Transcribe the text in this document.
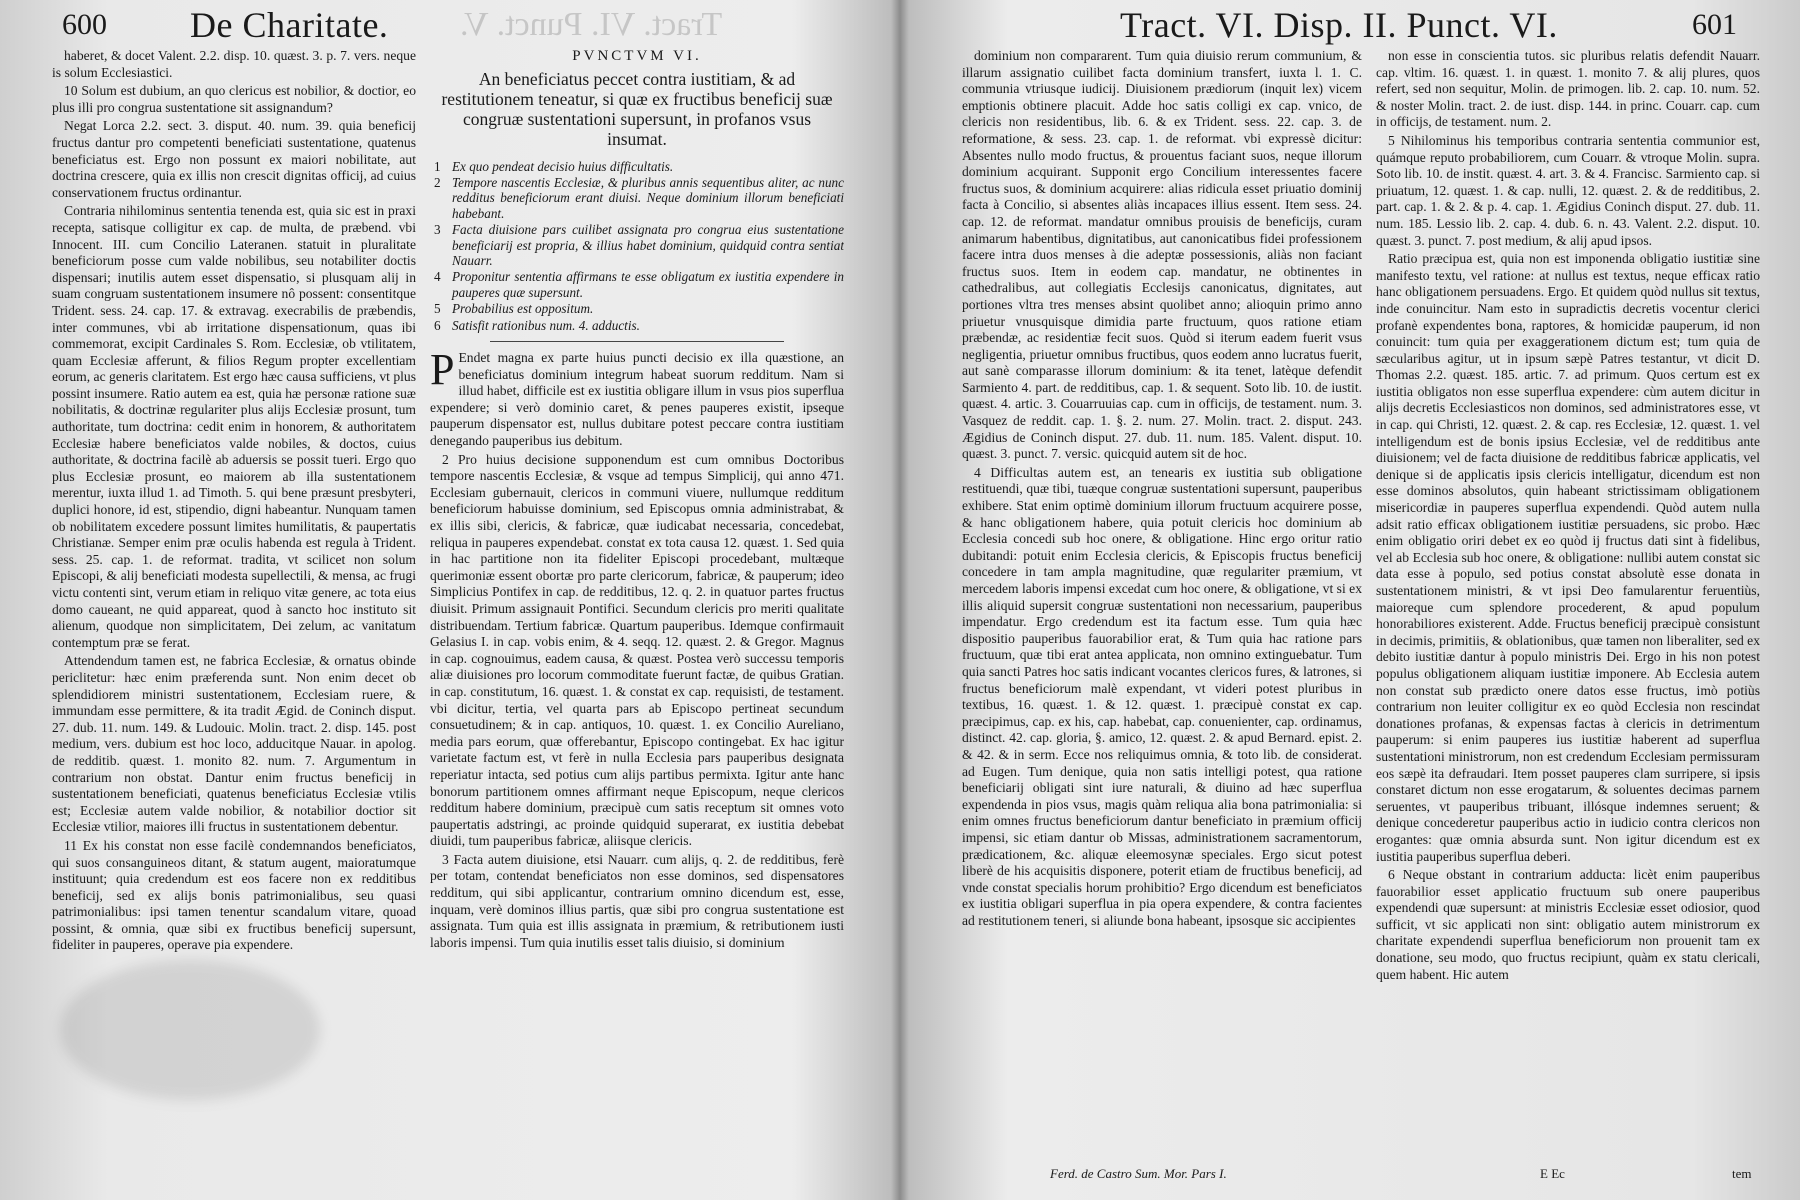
600 De Charitate. Tract. VI. Punct. V.

haberet, & docet Valent. 2.2. disp. 10. quæst. 3. p. 7. vers. neque is solum Ecclesiastici.

10 Solum est dubium, an quo clericus est nobilior, & doctior, eo plus illi pro congrua sustentatione sit assignandum?

Negat Lorca 2.2. sect. 3. disput. 40. num. 39. quia beneficij fructus dantur pro competenti beneficiati sustentatione, quatenus beneficiatus est. Ergo non possunt ex maiori nobilitate, aut doctrina crescere, quia ex illis non crescit dignitas officij, ad cuius conservationem fructus ordinantur.

Contraria nihilominus sententia tenenda est, quia sic est in praxi recepta, satisque colligitur ex cap. de multa, de præbend. vbi Innocent. III. cum Concilio Lateranen. statuit in pluralitate beneficiorum posse cum valde nobilibus, seu notabiliter doctis dispensari; inutilis autem esset dispensatio, si plusquam alij in suam congruam sustentationem insumere nô possent: consentitque Trident. sess. 24. cap. 17. & extravag. execrabilis de præbendis, inter communes, vbi ab irritatione dispensationum, quas ibi commemorat, excipit Cardinales S. Rom. Ecclesiæ, ob vtilitatem, quam Ecclesiæ afferunt, & filios Regum propter excellentiam eorum, ac generis claritatem. Est ergo hæc causa sufficiens, vt plus possint insumere. Ratio autem ea est, quia hæ personæ ratione suæ nobilitatis, & doctrinæ regulariter plus alijs Ecclesiæ prosunt, tum authoritate, tum doctrina: cedit enim in honorem, & authoritatem Ecclesiæ habere beneficiatos valde nobiles, & doctos, cuius authoritate, & doctrina facilè ab aduersis se possit tueri. Ergo quo plus Ecclesiæ prosunt, eo maiorem ab illa sustentationem merentur, iuxta illud 1. ad Timoth. 5. qui bene præsunt presbyteri, duplici honore, id est, stipendio, digni habeantur. Nunquam tamen ob nobilitatem excedere possunt limites humilitatis, & paupertatis Christianæ. Semper enim præ oculis habenda est regula à Trident. sess. 25. cap. 1. de reformat. tradita, vt scilicet non solum Episcopi, & alij beneficiati modesta supellectili, & mensa, ac frugi victu contenti sint, verum etiam in reliquo vitæ genere, ac tota eius domo caueant, ne quid appareat, quod à sancto hoc instituto sit alienum, quodque non simplicitatem, Dei zelum, ac vanitatum contemptum præ se ferat.

Attendendum tamen est, ne fabrica Ecclesiæ, & ornatus obinde periclitetur: hæc enim præferenda sunt. Non enim decet ob splendidiorem ministri sustentationem, Ecclesiam ruere, & immundam esse permittere, & ita tradit Ægid. de Coninch disput. 27. dub. 11. num. 149. & Ludouic. Molin. tract. 2. disp. 145. post medium, vers. dubium est hoc loco, adducitque Nauar. in apolog. de redditib. quæst. 1. monito 82. num. 7. Argumentum in contrarium non obstat. Dantur enim fructus beneficij in sustentationem beneficiati, quatenus beneficiatus Ecclesiæ vtilis est; Ecclesiæ autem valde nobilior, & notabilior doctior sit Ecclesiæ vtilior, maiores illi fructus in sustentationem debentur.

11 Ex his constat non esse facilè condemnandos beneficiatos, qui suos consanguineos ditant, & statum augent, maioratumque instituunt; quia credendum est eos facere non ex redditibus beneficij, sed ex alijs bonis patrimonialibus, seu quasi patrimonialibus: ipsi tamen tenentur scandalum vitare, quoad possint, & omnia, quæ sibi ex fructibus beneficij supersunt, fideliter in pauperes, operave pia expendere.

PVNCTVM VI.
An beneficiatus peccet contra iustitiam, & ad restitutionem teneatur, si quæ ex fructibus beneficij suæ congruæ sustentationi supersunt, in profanos vsus insumat.
1 Ex quo pendeat decisio huius difficultatis.
2 Tempore nascentis Ecclesiæ, & pluribus annis sequentibus aliter, ac nunc redditus beneficiorum erant diuisi. Neque dominium illorum beneficiati habebant.
3 Facta diuisione pars cuilibet assignata pro congrua eius sustentatione beneficiarij est propria, & illius habet dominium, quidquid contra sentiat Nauarr.
4 Proponitur sententia affirmans te esse obligatum ex iustitia expendere in pauperes quæ supersunt.
5 Probabilius est oppositum.
6 Satisfit rationibus num. 4. adductis.

P Endet magna ex parte huius puncti decisio ex illa quæstione, an beneficiatus dominium integrum habeat suorum redditum. Nam si illud habet, difficile est ex iustitia obligare illum in vsus pios superflua expendere; si verò dominio caret, & penes pauperes existit, ipseque pauperum dispensator est, nullus dubitare potest peccare contra iustitiam denegando pauperibus ius debitum.

2 Pro huius decisione supponendum est cum omnibus Doctoribus tempore nascentis Ecclesiæ, & vsque ad tempus Simplicij, qui anno 471. Ecclesiam gubernauit, clericos in communi viuere, nullumque redditum beneficiorum habuisse dominium, sed Episcopus omnia administrabat, & ex illis sibi, clericis, & fabricæ, quæ iudicabat necessaria, concedebat, reliqua in pauperes expendebat. constat ex tota causa 12. quæst. 1. Sed quia in hac partitione non ita fideliter Episcopi procedebant, multæque querimoniæ essent obortæ pro parte clericorum, fabricæ, & pauperum; ideo Simplicius Pontifex in cap. de redditibus, 12. q. 2. in quatuor partes fructus diuisit. Primum assignauit Pontifici. Secundum clericis pro meriti qualitate distribuendam. Tertium fabricæ. Quartum pauperibus. Idemque confirmauit Gelasius I. in cap. vobis enim, & 4. seqq. 12. quæst. 2. & Gregor. Magnus in cap. cognouimus, eadem causa, & quæst. Postea verò successu temporis aliæ diuisiones pro locorum commoditate fuerunt factæ, de quibus Gratian. in cap. constitutum, 16. quæst. 1. & constat ex cap. requisisti, de testament. vbi dicitur, tertia, vel quarta pars ab Episcopo pertineat secundum consuetudinem; & in cap. antiquos, 10. quæst. 1. ex Concilio Aureliano, media pars eorum, quæ offerebantur, Episcopo contingebat. Ex hac igitur varietate factum est, vt ferè in nulla Ecclesia pars pauperibus designata reperiatur intacta, sed potius cum alijs partibus permixta. Igitur ante hanc bonorum partitionem omnes affirmant neque Episcopum, neque clericos redditum habere dominium, præcipuè cum satis receptum sit omnes voto paupertatis adstringi, ac proinde quidquid superarat, ex iustitia debebat diuidi, tum pauperibus fabricæ, aliisque clericis.

3 Facta autem diuisione, etsi Nauarr. cum alijs, q. 2. de redditibus, ferè per totam, contendat beneficiatos non esse dominos, sed dispensatores redditum, qui sibi applicantur, contrarium omnino dicendum est, esse, inquam, verè dominos illius partis, quæ sibi pro congrua sustentatione est assignata. Tum quia est illis assignata in præmium, & retributionem iusti laboris impensi. Tum quia inutilis esset talis diuisio, si dominium

Tract. VI. Disp. II. Punct. VI.	601

dominium non compararent. Tum quia diuisio rerum communium, & illarum assignatio cuilibet facta dominium transfert, iuxta l. 1. C. communia vtriusque iudicij. Diuisionem prædiorum (inquit lex) vicem emptionis obtinere placuit. Adde hoc satis colligi ex cap. vnico, de clericis non residentibus, lib. 6. & ex Trident. sess. 22. cap. 3. de reformatione, & sess. 23. cap. 1. de reformat. vbi expressè dicitur: Absentes nullo modo fructus, & prouentus faciant suos, neque illorum dominium acquirant. Supponit ergo Concilium interessentes facere fructus suos, & dominium acquirere: alias ridicula esset priuatio dominij facta à Concilio, si absentes aliàs incapaces illius essent. Item sess. 24. cap. 12. de reformat. mandatur omnibus prouisis de beneficijs, curam animarum habentibus, dignitatibus, aut canonicatibus fidei professionem facere intra duos menses à die adeptæ possessionis, aliàs non faciant fructus suos. Item in eodem cap. mandatur, ne obtinentes in cathedralibus, aut collegiatis Ecclesijs canonicatus, dignitates, aut portiones vltra tres menses absint quolibet anno; alioquin primo anno priuetur vnusquisque dimidia parte fructuum, quos ratione etiam præbendæ, ac residentiæ fecit suos. Quòd si iterum eadem fuerit vsus negligentia, priuetur omnibus fructibus, quos eodem anno lucratus fuerit, aut sanè comparasse illorum dominium: & ita tenet, latèque defendit Sarmiento 4. part. de redditibus, cap. 1. & sequent. Soto lib. 10. de iustit. quæst. 4. artic. 3. Couarruuias cap. cum in officijs, de testament. num. 3. Vasquez de reddit. cap. 1. §. 2. num. 27. Molin. tract. 2. disput. 243. Ægidius de Coninch disput. 27. dub. 11. num. 185. Valent. disput. 10. quæst. 3. punct. 7. versic. quicquid autem sit de hoc.

4 Difficultas autem est, an tenearis ex iustitia sub obligatione restituendi, quæ tibi, tuæque congruæ sustentationi supersunt, pauperibus exhibere. Stat enim optimè dominium illorum fructuum acquirere posse, & hanc obligationem habere, quia potuit clericis hoc dominium ab Ecclesia concedi sub hoc onere, & obligatione. Hinc ergo oritur ratio dubitandi: potuit enim Ecclesia clericis, & Episcopis fructus beneficij concedere in tam ampla magnitudine, quæ regulariter præmium, vt mercedem laboris impensi excedat cum hoc onere, & obligatione, vt si ex illis aliquid supersit congruæ sustentationi non necessarium, pauperibus impendatur. Ergo credendum est ita factum esse. Tum quia hæc dispositio pauperibus fauorabilior erat, & Tum quia hac ratione pars fructuum, quæ tibi erat antea applicata, non omnino extinguebatur. Tum quia sancti Patres hoc satis indicant vocantes clericos fures, & latrones, si fructus beneficiorum malè expendant, vt videri potest pluribus in textibus, 16. quæst. 1. & 12. quæst. 1. præcipuè constat ex cap. præcipimus, cap. ex his, cap. habebat, cap. conuenienter, cap. ordinamus, distinct. 42. cap. gloria, §. amico, 12. quæst. 2. & apud Bernard. epist. 2. & 42. & in serm. Ecce nos reliquimus omnia, & toto lib. de considerat. ad Eugen. Tum denique, quia non satis intelligi potest, qua ratione beneficiarij obligati sint iure naturali, & diuino ad hæc superflua expendenda in pios vsus, magis quàm reliqua alia bona patrimonialia: si enim omnes fructus beneficiorum dantur beneficiato in præmium officij impensi, sic etiam dantur ob Missas, administrationem sacramentorum, prædicationem, &c. aliquæ eleemosynæ speciales. Ergo sicut potest liberè de his acquisitis disponere, poterit etiam de fructibus beneficij, ad vnde constat specialis horum prohibitio? Ergo dicendum est beneficiatos ex iustitia obligari superflua in pia opera expendere, & contra facientes ad restitutionem teneri, si aliunde bona habeant, ipsosque sic accipientes

Ferd. de Castro Sum. Mor. Pars I.

non esse in conscientia tutos. sic pluribus relatis defendit Nauarr. cap. vltim. 16. quæst. 1. in quæst. 1. monito 7. & alij plures, quos refert, sed non sequitur, Molin. de primogen. lib. 2. cap. 10. num. 52. & noster Molin. tract. 2. de iust. disp. 144. in princ. Couarr. cap. cum in officijs, de testament. num. 2.

5 Nihilominus his temporibus contraria sententia communior est, quámque reputo probabiliorem, cum Couarr. & vtroque Molin. supra. Soto lib. 10. de instit. quæst. 4. art. 3. & 4. Francisc. Sarmiento cap. si priuatum, 12. quæst. 1. & cap. nulli, 12. quæst. 2. & de redditibus, 2. part. cap. 1. & 2. & p. 4. cap. 1. Ægidius Coninch disput. 27. dub. 11. num. 185. Lessio lib. 2. cap. 4. dub. 6. n. 43. Valent. 2.2. disput. 10. quæst. 3. punct. 7. post medium, & alij apud ipsos.

Ratio præcipua est, quia non est imponenda obligatio iustitiæ sine manifesto textu, vel ratione: at nullus est textus, neque efficax ratio hanc obligationem persuadens. Ergo. Et quidem quòd nullus sit textus, inde conuincitur. Nam esto in supradictis decretis vocentur clerici profanè expendentes bona, raptores, & homicidæ pauperum, id non conuincit: tum quia per exaggerationem dictum est; tum quia de sæcularibus agitur, ut in ipsum sæpè Patres testantur, vt dicit D. Thomas 2.2. quæst. 185. artic. 7. ad primum. Quos certum est ex iustitia obligatos non esse superflua expendere: cùm autem dicitur in alijs decretis Ecclesiasticos non dominos, sed administratores esse, vt in cap. qui Christi, 12. quæst. 2. & cap. res Ecclesiæ, 12. quæst. 1. vel intelligendum est de bonis ipsius Ecclesiæ, vel de redditibus ante diuisionem; vel de facta diuisione de redditibus fabricæ applicatis, vel denique si de applicatis ipsis clericis intelligatur, dicendum est non esse dominos absolutos, quin habeant strictissimam obligationem misericordiæ in pauperes superflua expendendi. Quòd autem nulla adsit ratio efficax obligationem iustitiæ persuadens, sic probo. Hæc enim obligatio oriri debet ex eo quòd ij fructus dati sint à fidelibus, vel ab Ecclesia sub hoc onere, & obligatione: nullibi autem constat sic data esse à populo, sed potius constat absolutè esse donata in sustentationem ministri, & vt ipsi Deo famularentur feruentiùs, maioreque cum splendore procederent, & apud populum honorabiliores existerent. Adde. Fructus beneficij præcipuè consistunt in decimis, primitiis, & oblationibus, quæ tamen non liberaliter, sed ex debito iustitiæ dantur à populo ministris Dei. Ergo in his non potest populus obligationem aliquam iustitiæ imponere. Ab Ecclesia autem non constat sub prædicto onere datos esse fructus, imò potiùs contrarium non leuiter colligitur ex eo quòd Ecclesia non rescindat donationes profanas, & expensas factas à clericis in detrimentum pauperum: si enim pauperes ius iustitiæ haberent ad superflua sustentationi ministrorum, non est credendum Ecclesiam permissuram eos sæpè ita defraudari. Item posset pauperes clam surripere, si ipsis constaret dictum non esse erogatarum, & soluentes decimas parnem seruentes, vt pauperibus tribuant, illósque indemnes seruent; & denique concederetur pauperibus actio in iudicio contra clericos non erogantes: quæ omnia absurda sunt. Non igitur dicendum est ex iustitia pauperibus superflua deberi.

6 Neque obstant in contrarium adducta: licèt enim pauperibus fauorabilior esset applicatio fructuum sub onere pauperibus expendendi quæ supersunt: at ministris Ecclesiæ esset odiosior, quod sufficit, vt sic applicati non sint: obligatio autem ministrorum ex charitate expendendi superflua beneficiorum non prouenit tam ex donatione, seu modo, quo fructus recipiunt, quàm ex statu clericali, quem habent. Hic autem

E Ec	tem
